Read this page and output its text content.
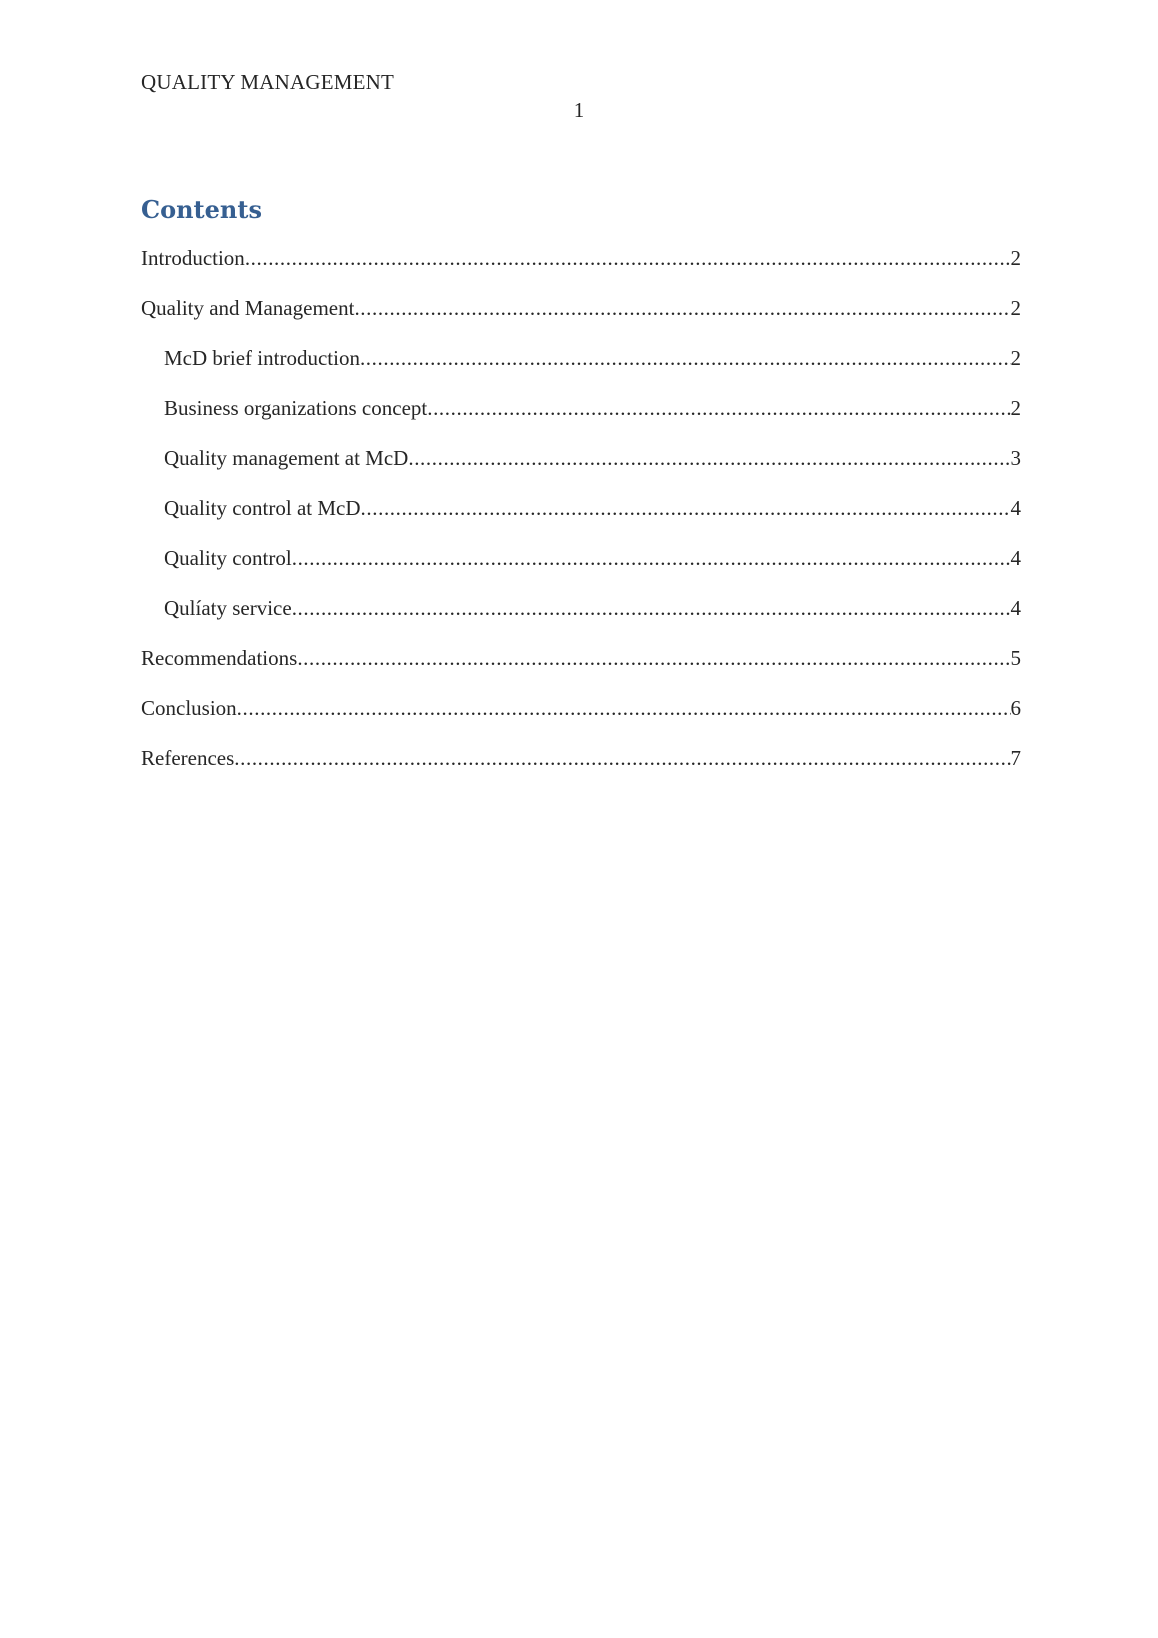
QUALITY MANAGEMENT
1
Contents
Introduction .....	2
Quality and Management .....	2
McD brief introduction .....	2
Business organizations concept .....	2
Quality management at McD .....	3
Quality control at McD .....	4
Quality control .....	4
Qulíaty service .....	4
Recommendations .....	5
Conclusion .....	6
References .....	7
